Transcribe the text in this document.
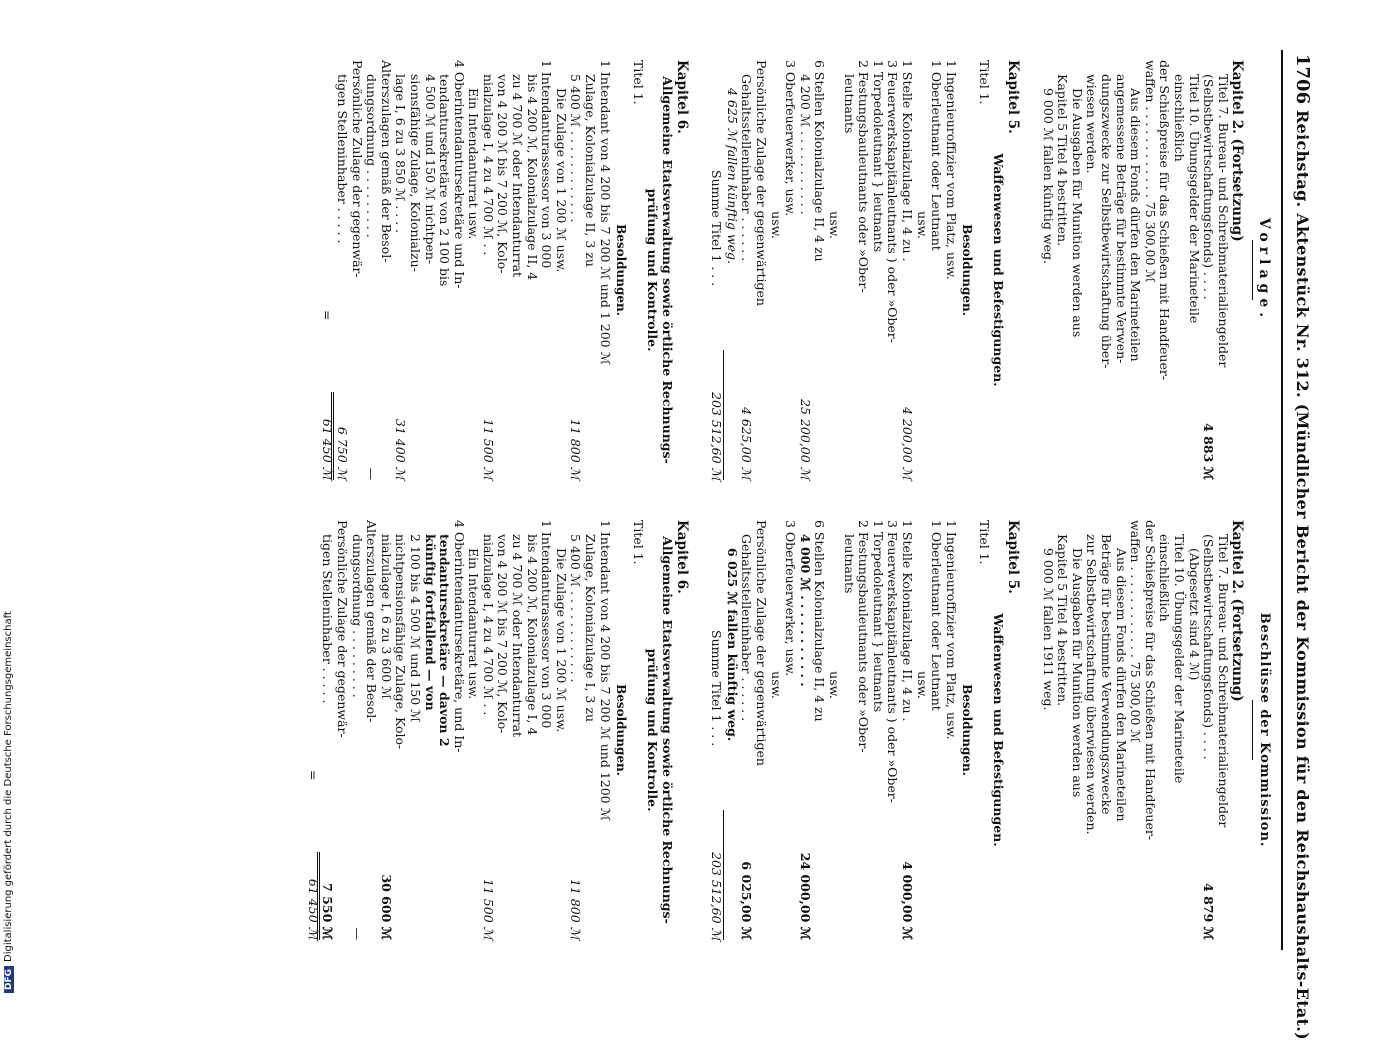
1706
Reichstag. Aktenstück Nr. 312. (Mündlicher Bericht der Kommission für den Reichshaushalts-Etat.)
Vorlage.
Kapitel 2. (Fortsetzung)
Titel 7. Bureau- und Schreibmaterialiengelder
(Selbstbewirtschaftungsfonds) . . . .
4 883 ℳ
Titel 10. Übungsgelder der Marineteile einschließlich
der Schießpreise für das Schießen mit Handfeuer-
waffen . . . . . . . . . . . . 75 300,00 ℳ
Aus diesem Fonds dürfen den Marineteilen
angemessene Beträge für bestimmte Verwen-
dungszwecke zur Selbstbewirtschaftung über-
wiesen werden.
Die Ausgaben für Munition werden aus
Kapitel 5 Titel 4 bestritten.
9 000 ℳ fallen künftig weg.
Kapitel 5.
Waffenwesen und Befestigungen.
Titel 1.
Besoldungen.
1 Ingenieuroffizier vom Platz, usw.
1 Oberleutnant oder Leutnant
usw.
1 Stelle Kolonialzulage II, 4 zu .
4 200,00 ℳ
3 Feuerwerkskapitänleutnants ) oder »Ober-
1 Torpedoleutnant } leutnants
2 Festungsbauleutnants oder »Ober-
leutnants
usw.
6 Stellen Kolonialzulage II, 4 zu
4 200 ℳ . . . . . . . . . . .
25 200,00 ℳ
3 Oberfeuerwerker, usw.
usw.
Persönliche Zulage der gegenwärtigen
Gehaltsstelleninhaber . . . . . .
4 625,00 ℳ
4 625 ℳ fallen künftig weg.
Summe Titel 1 . . .
203 512,60 ℳ
Kapitel 6.
Allgemeine Etatsverwaltung sowie örtliche Rechnungs-
prüfung und Kontrolle.
Titel 1.
Besoldungen.
1 Intendant von 4 200 bis 7 200 ℳ und 1 200 ℳ
Zulage, Kolonialzulage II, 3 zu
5 400 ℳ . . . . . . . . . . . .
11 800 ℳ
Die Zulage von 1 200 ℳ usw.
1 Intendanturassessor von 3 000
bis 4 200 ℳ, Kolonialzulage II, 4
zu 4 700 ℳ oder Intendanturrat
von 4 200 ℳ bis 7 200 ℳ, Kolo-
nialzulage I, 4 zu 4 700 ℳ . .
11 500 ℳ
Ein Intendanturrat usw.
4 Oberintendantursekretäre und In-
tendantursekretäre von 2 100 bis
4 500 ℳ und 150 ℳ nichtpen-
sionsfähige Zulage, Kolonialzu-
lage I, 6 zu 3 850 ℳ . . . .
31 400 ℳ
Alterszulagen gemäß der Besol-
dungsordnung . . . . . . . . .
—
Persönliche Zulage der gegenwär-
tigen Stelleninhaber . . . . .
6 750 ℳ
=
61 450 ℳ
Beschlüsse der Kommission.
Kapitel 2. (Fortsetzung)
Titel 7. Bureau- und Schreibmaterialiengelder
(Selbstbewirtschaftungsfonds) . . . .
4 879 ℳ
(Abgesetzt sind 4 ℳ)
Titel 10. Übungsgelder der Marineteile einschließlich
der Schießpreise für das Schießen mit Handfeuer-
waffen . . . . . . . . . . . . 75 300,00 ℳ
Aus diesem Fonds dürfen den Marineteilen
Beträge für bestimmte Verwendungszwecke
zur Selbstbewirtschaftung überwiesen werden.
Die Ausgaben für Munition werden aus
Kapitel 5 Titel 4 bestritten.
9 000 ℳ fallen 1911 weg.
Kapitel 5.
Waffenwesen und Befestigungen.
Titel 1.
Besoldungen.
1 Ingenieuroffizier vom Platz, usw.
1 Oberleutnant oder Leutnant
usw.
1 Stelle Kolonialzulage II, 4 zu .
4 000,00 ℳ
3 Feuerwerkskapitänleutnants ) oder »Ober-
1 Torpedoleutnant } leutnants
2 Festungsbauleutnants oder »Ober-
leutnants
usw.
6 Stellen Kolonialzulage II, 4 zu
4 000 ℳ . . . . . . . . . . .
24 000,00 ℳ
3 Oberfeuerwerker, usw.
usw.
Persönliche Zulage der gegenwärtigen
Gehaltsstelleninhaber . . . . . .
6 025,00 ℳ
6 025 ℳ fallen künftig weg.
Summe Titel 1 . . .
203 512,60 ℳ
Kapitel 6.
Allgemeine Etatsverwaltung sowie örtliche Rechnungs-
prüfung und Kontrolle.
Titel 1.
Besoldungen.
1 Intendant von 4 200 bis 7 200 ℳ und 1200 ℳ
Zulage, Kolonialzulage I, 3 zu
5 400 ℳ . . . . . . . . . . . .
11 800 ℳ
Die Zulage von 1 200 ℳ usw.
1 Intendanturassessor von 3 000
bis 4 200 ℳ, Kolonialzulage I, 4
zu 4 700 ℳ oder Intendanturrat
von 4 200 ℳ bis 7 200 ℳ, Kolo-
nialzulage I, 4 zu 4 700 ℳ . .
11 500 ℳ
Ein Intendanturrat usw.
4 Oberintendantursekretäre, und In-
tendantursekretäre — davon 2
künftig fortfallend — von
2 100 bis 4 500 ℳ und 150 ℳ
nichtpensionsfähige Zulage, Kolo-
nialzulage I, 6 zu 3 600 ℳ
30 600 ℳ
Alterszulagen gemäß der Besol-
dungsordnung . . . . . . . . .
—
Persönliche Zulage der gegenwär-
tigen Stelleninhaber . . . . .
7 550 ℳ
=
61 450 ℳ
DFGDigitalisierung gefördert durch die Deutsche Forschungsgemeinschaft
